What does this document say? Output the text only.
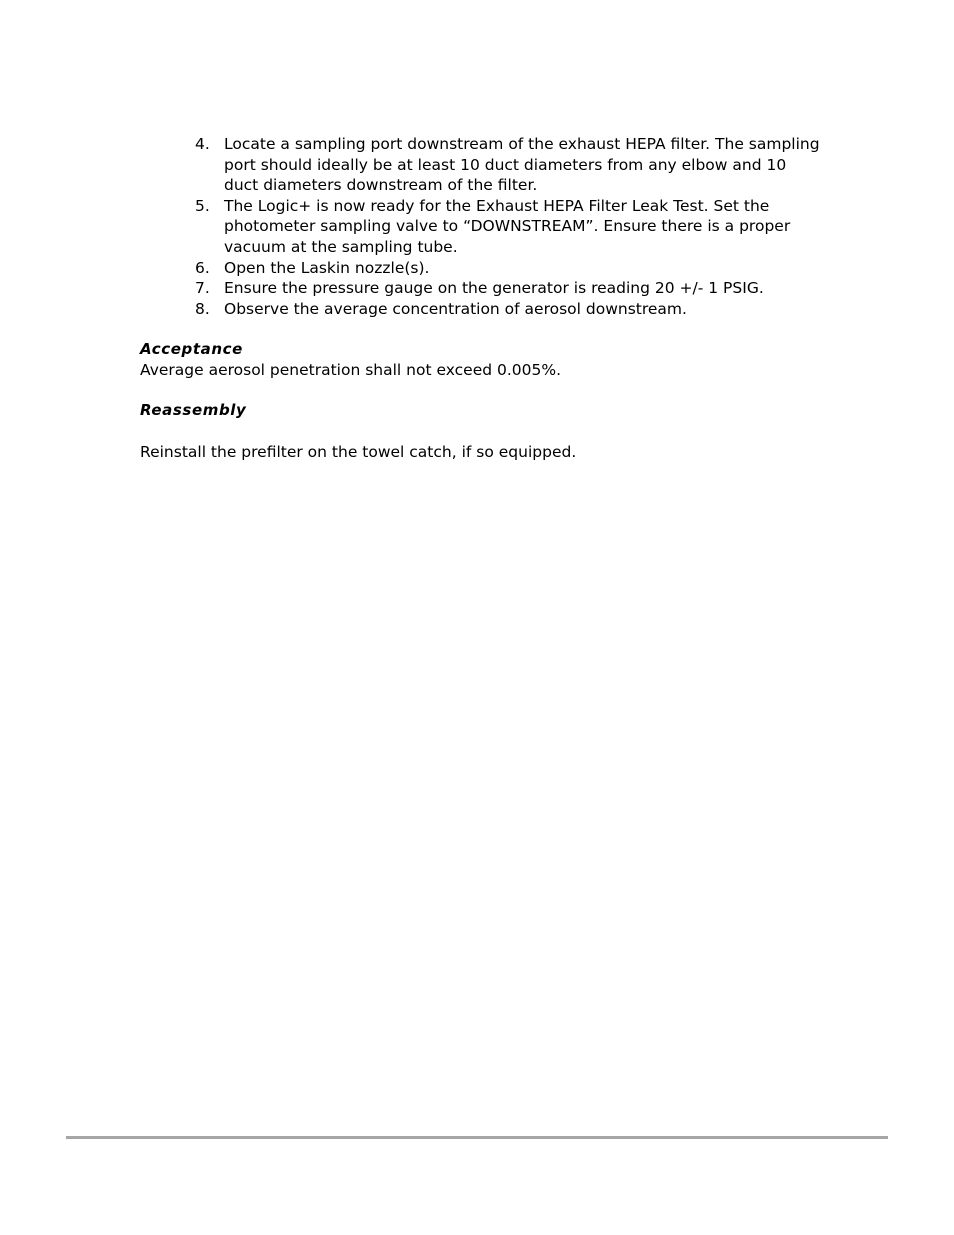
4. Locate a sampling port downstream of the exhaust HEPA filter. The sampling port should ideally be at least 10 duct diameters from any elbow and 10 duct diameters downstream of the filter.
5. The Logic+ is now ready for the Exhaust HEPA Filter Leak Test. Set the photometer sampling valve to “DOWNSTREAM”. Ensure there is a proper vacuum at the sampling tube.
6. Open the Laskin nozzle(s).
7. Ensure the pressure gauge on the generator is reading 20 +/- 1 PSIG.
8. Observe the average concentration of aerosol downstream.
Acceptance
Average aerosol penetration shall not exceed 0.005%.
Reassembly
Reinstall the prefilter on the towel catch, if so equipped.
